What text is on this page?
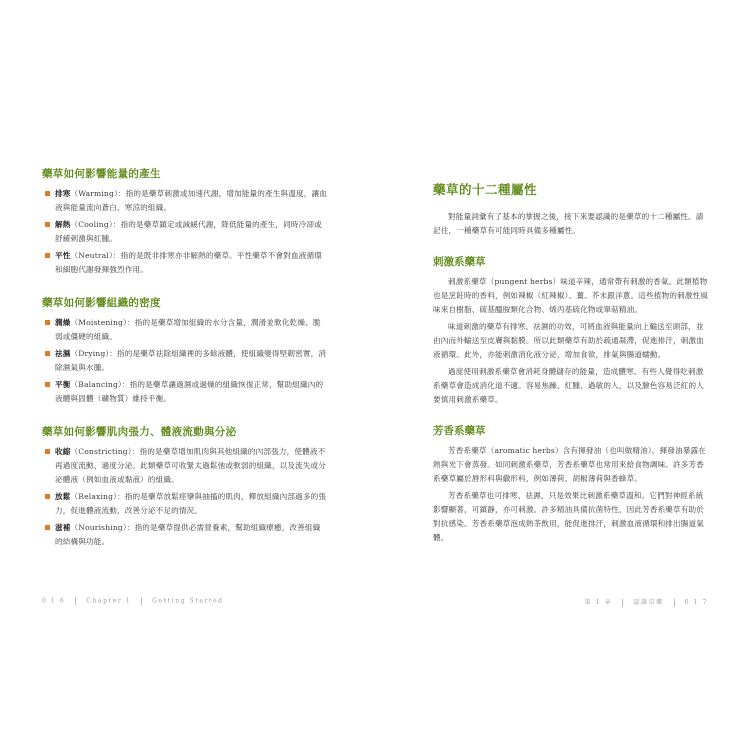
藥草如何影響能量的產生
排寒（Warming）：指的是藥草刺激或加速代謝，增加能量的產生與溫度，讓血液與能量流向蒼白、寒涼的組織。
解熱（Cooling）：指的是藥草鎮定或減緩代謝，降低能量的產生，同時冷卻或舒緩刺激與紅腫。
平性（Neutral）：指的是既非排寒亦非解熱的藥草。平性藥草不會對血液循環和細胞代謝發揮強烈作用。
藥草如何影響組織的密度
潤燥（Moistening）：指的是藥草增加組織的水分含量，潤滑並軟化乾燥、脆弱或僵硬的組織。
祛濕（Drying）：指的是藥草祛除組織裡的多餘液體，使組織變得堅韌密實，消除濕氣與水腫。
平衡（Balancing）：指的是藥草讓過濕或過燥的組織恢復正常，幫助組織內的液體與固體（礦物質）維持平衡。
藥草如何影響肌肉張力、體液流動與分泌
收縮（Constricting）：指的是藥草增加肌肉與其他組織的內部張力，使體液不再過度流動、過度分泌。此類藥草可收緊太過鬆弛或軟弱的組織，以及流失或分泌體液（例如血液或黏液）的組織。
放鬆（Relaxing）：指的是藥草放鬆痙攣與抽搐的肌肉，釋放組織內部過多的張力，促進體液流動，改善分泌不足的情況。
滋補（Nourishing）：指的是藥草提供必需營養素，幫助組織療癒，改善組織的結構與功能。
0 1 6	Chapter 1	Getting Started
藥草的十二種屬性

對能量詞彙有了基本的掌握之後，接下來要認識的是藥草的十二種屬性。請記住，一種藥草有可能同時具備多種屬性。

刺激系藥草

刺激系藥草（pungent herbs）味道辛辣，通常帶有刺激的香氣。此類植物也是烹飪時的香料，例如辣椒（紅辣椒）、薑、芥末跟洋蔥。這些植物的刺激性風味來自樹脂、硫基醯胺類化合物、烯丙基硫化物或單萜精油。

味道刺激的藥草有排寒、祛濕的功效，可將血液與能量向上輸送至頭部，並由內而外輸送至皮膚與黏膜。所以此類藥草有助於疏通凝滯，促進排汗，刺激血液循環。此外，亦能刺激消化液分泌，增加食欲，排氣與腸道蠕動。

過度使用刺激系藥草會消耗身體儲存的能量，造成體寒。有些人覺得吃刺激系藥草會造成消化道不適。容易焦躁、紅腫、過敏的人，以及臉色容易泛紅的人要慎用刺激系藥草。

芳香系藥草

芳香系藥草（aromatic herbs）含有揮發油（也叫做精油）。揮發油暴露在熱與光下會蒸發。如同刺激系藥草，芳香系藥草也常用來給食物調味。許多芳香系藥草屬於唇形科與繖形科，例如薄荷、胡椒薄荷與香蜂草。

芳香系藥草也可排寒、祛濕，只是效果比刺激系藥草溫和。它們對神經系統影響顯著，可鎮靜，亦可刺激。許多精油具備抗菌特性，因此芳香系藥草有助於對抗感染。芳香系藥草泡成熱茶飲用，能促進排汗，刺激血液循環和排出腸道氣體。

第 1 章	認識草藥	0 1 7
